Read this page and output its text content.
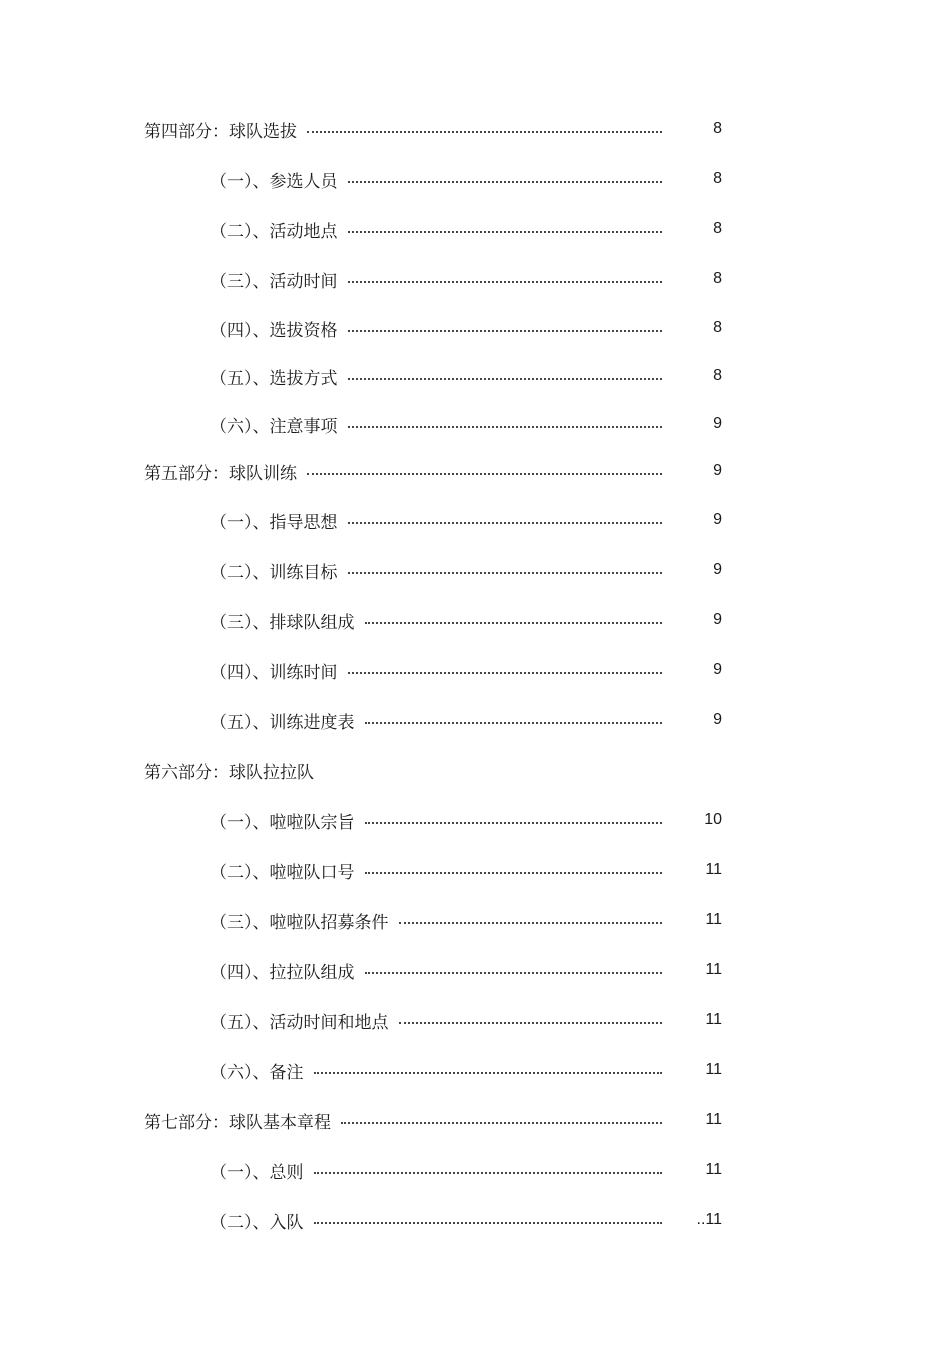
第四部分：球队选拔	8
（一）、参选人员	8
（二）、活动地点	8
（三）、活动时间	8
（四）、选拔资格	8
（五）、选拔方式	8
（六）、注意事项	9
第五部分：球队训练	9
（一）、指导思想	9
（二）、训练目标	9
（三）、排球队组成	9
（四）、训练时间	9
（五）、训练进度表	9
第六部分：球队拉拉队
（一）、啦啦队宗旨	10
（二）、啦啦队口号	11
（三）、啦啦队招募条件	11
（四）、拉拉队组成	11
（五）、活动时间和地点	11
（六）、备注	11
第七部分：球队基本章程	11
（一）、总则	11
（二）、入队	..11
